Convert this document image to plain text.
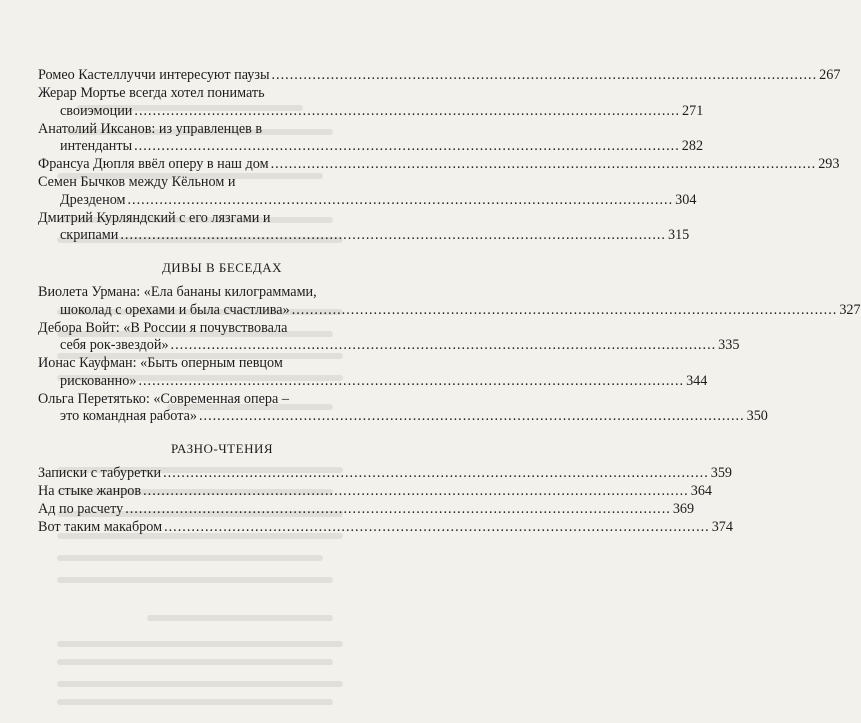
Ромео Кастеллуччи интересуют паузы ........................................................................................................................ 267
Жерар Мортье всегда хотел понимать
своиэмоции ........................................................................................................................ 271
Анатолий Иксанов: из управленцев в
интенданты ........................................................................................................................ 282
Франсуа Дюпля ввёл оперу в наш дом ........................................................................................................................ 293
Семен Бычков между Кёльном и
Дрезденом ........................................................................................................................ 304
Дмитрий Курляндский с его лязгами и
скрипами ........................................................................................................................ 315
ДИВЫ В БЕСЕДАХ
Виолета Урмана: «Ела бананы килограммами,
шоколад с орехами и была счастлива» ........................................................................................................................ 327
Дебора Войт: «В России я почувствовала
себя рок-звездой» ........................................................................................................................ 335
Ионас Кауфман: «Быть оперным певцом
рискованно» ........................................................................................................................ 344
Ольга Перетятько: «Современная опера –
это командная работа» ........................................................................................................................ 350
РАЗНО-ЧТЕНИЯ
Записки с табуретки ........................................................................................................................ 359
На стыке жанров ........................................................................................................................ 364
Ад по расчету ........................................................................................................................ 369
Вот таким макабром ........................................................................................................................ 374
